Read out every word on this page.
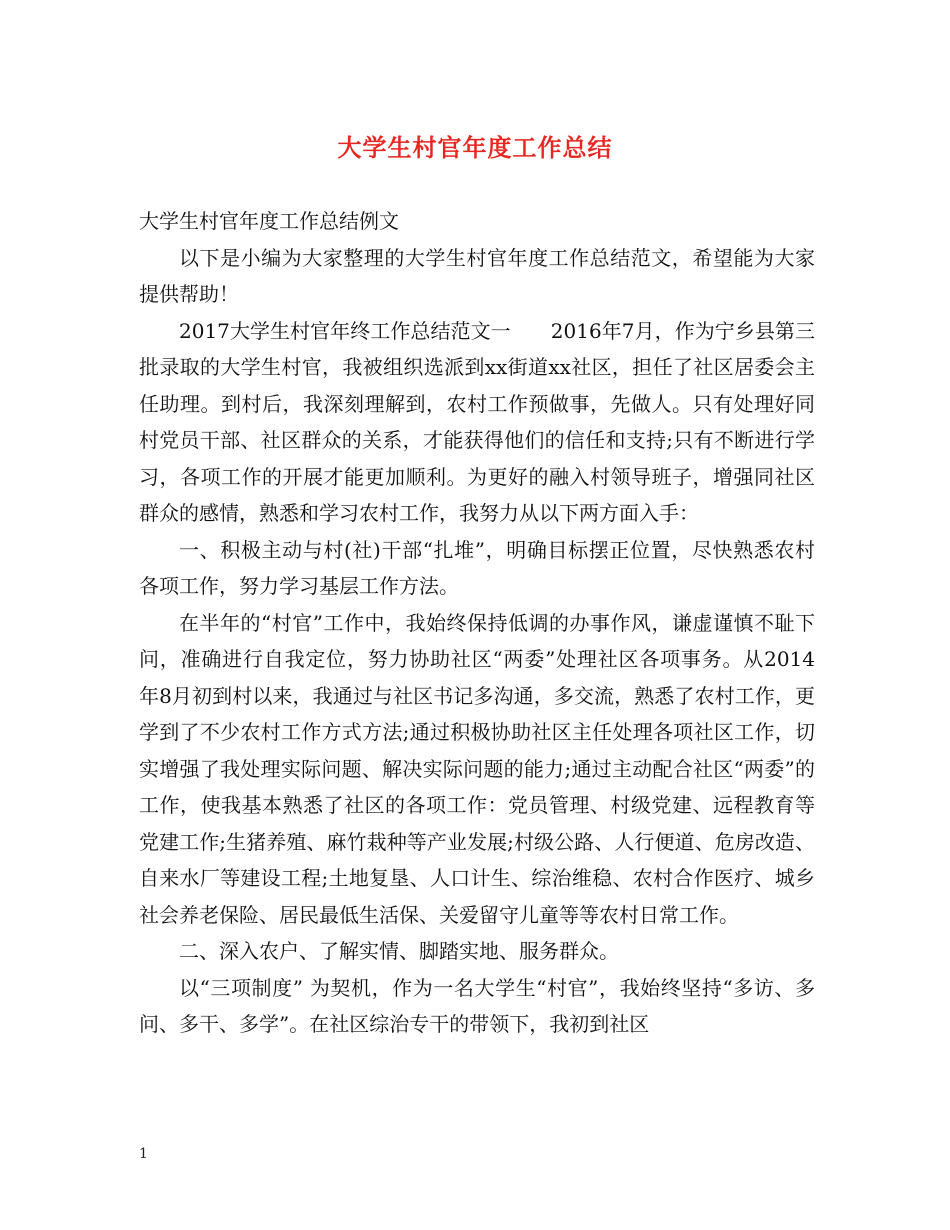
大学生村官年度工作总结

大学生村官年度工作总结例文

以下是小编为大家整理的大学生村官年度工作总结范文，希望能为大家提供帮助！

2017大学生村官年终工作总结范文一　　2016年7月，作为宁乡县第三批录取的大学生村官，我被组织选派到xx街道xx社区，担任了社区居委会主任助理。到村后，我深刻理解到，农村工作预做事，先做人。只有处理好同村党员干部、社区群众的关系，才能获得他们的信任和支持;只有不断进行学习，各项工作的开展才能更加顺利。为更好的融入村领导班子，增强同社区群众的感情，熟悉和学习农村工作，我努力从以下两方面入手：

一、积极主动与村(社)干部“扎堆”，明确目标摆正位置，尽快熟悉农村各项工作，努力学习基层工作方法。

在半年的“村官”工作中，我始终保持低调的办事作风，谦虚谨慎不耻下问，准确进行自我定位，努力协助社区“两委”处理社区各项事务。从2014 年8月初到村以来，我通过与社区书记多沟通，多交流，熟悉了农村工作，更学到了不少农村工作方式方法;通过积极协助社区主任处理各项社区工作，切实增强了我处理实际问题、解决实际问题的能力;通过主动配合社区“两委”的工作，使我基本熟悉了社区的各项工作：党员管理、村级党建、远程教育等党建工作;生猪养殖、麻竹栽种等产业发展;村级公路、人行便道、危房改造、自来水厂等建设工程;土地复垦、人口计生、综治维稳、农村合作医疗、城乡社会养老保险、居民最低生活保、关爱留守儿童等等农村日常工作。

二、深入农户、了解实情、脚踏实地、服务群众。

以“三项制度” 为契机，作为一名大学生“村官”，我始终坚持“多访、多问、多干、多学”。在社区综治专干的带领下，我初到社区

1
